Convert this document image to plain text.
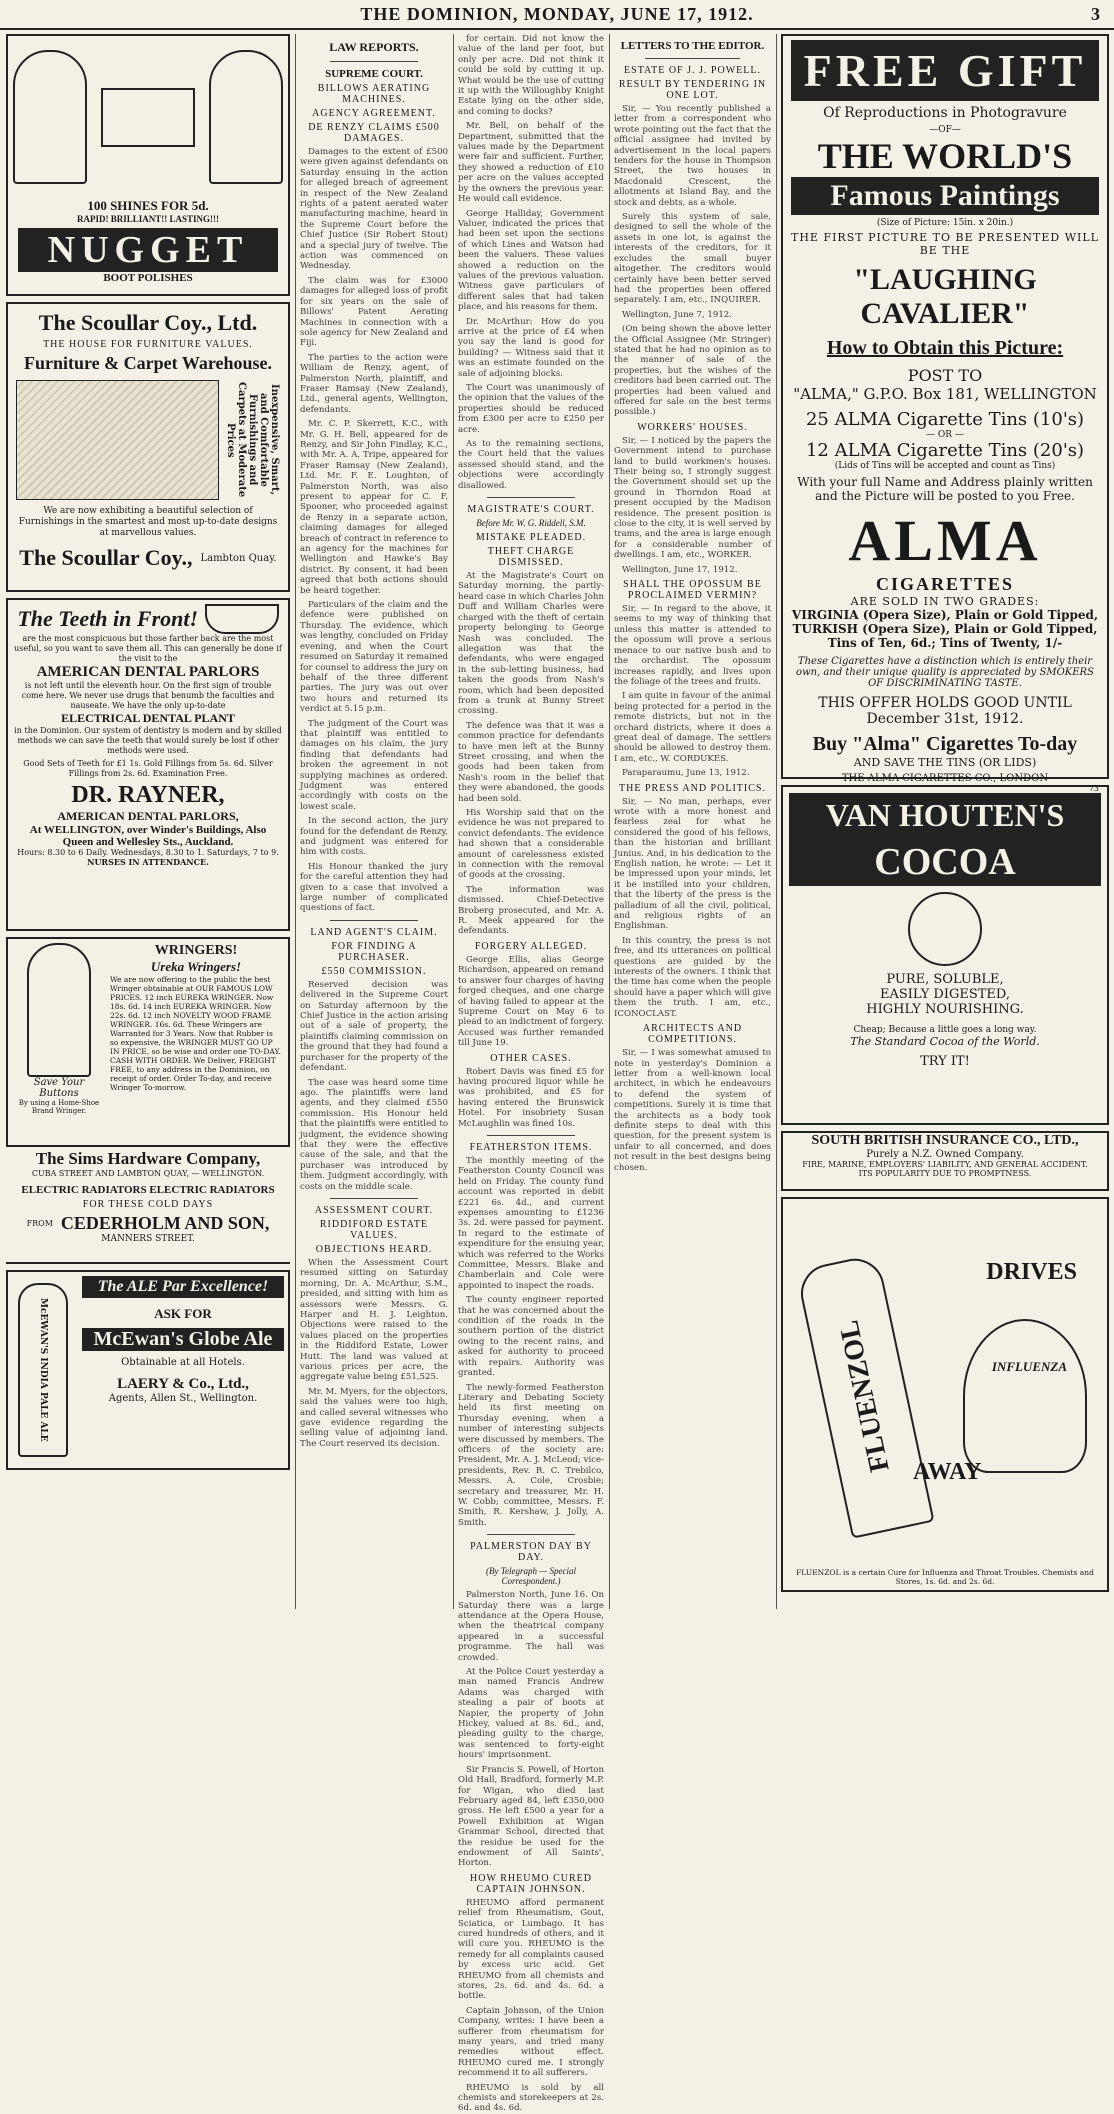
THE DOMINION, MONDAY, JUNE 17, 1912.	3
100 SHINES FOR 5d.
RAPID! BRILLIANT!! LASTING!!!
NUGGET
BOOT POLISHES
The Scoullar Coy., Ltd.
THE HOUSE FOR FURNITURE VALUES.
Furniture & Carpet Warehouse.
Inexpensive, Smart, and Comfortable Furnishings and Carpets at Moderate Prices
We are now exhibiting a beautiful selection of Furnishings in the smartest and most up-to-date designs at marvellous values.
The Scoullar Coy., Lambton Quay.
The Teeth in Front!
are the most conspicuous but those farther back are the most useful, so you want to save them all. This can generally be done if the visit to the
AMERICAN DENTAL PARLORS
is not left until the eleventh hour. On the first sign of trouble come here. We never use drugs that benumb the faculties and nauseate. We have the only up-to-date
ELECTRICAL DENTAL PLANT
in the Dominion. Our system of dentistry is modern and by skilled methods we can save the teeth that would surely be lost if other methods were used.
Good Sets of Teeth for £1 1s. Gold Fillings from 5s. 6d. Silver Fillings from 2s. 6d. Examination Free.
DR. RAYNER,
AMERICAN DENTAL PARLORS,
At WELLINGTON, over Winder's Buildings, Also Queen and Wellesley Sts., Auckland.
Hours: 8.30 to 6 Daily. Wednesdays, 8.30 to 1. Saturdays, 7 to 9.
NURSES IN ATTENDANCE.
Save Your Buttons
By using a Home-Shoe Brand Wringer.
WRINGERS!
Ureka Wringers!
We are now offering to the public the best Wringer obtainable at OUR FAMOUS LOW PRICES. 12 inch EUREKA WRINGER. Now 18s. 6d. 14 inch EUREKA WRINGER. Now 22s. 6d. 12 inch NOVELTY WOOD FRAME WRINGER. 16s. 6d. These Wringers are Warranted for 3 Years. Now that Rubber is so expensive, the WRINGER MUST GO UP IN PRICE, so be wise and order one TO-DAY. CASH WITH ORDER. We Deliver, FREIGHT FREE, to any address in the Dominion, on receipt of order. Order To-day, and receive Wringer To-morrow.
The Sims Hardware Company,
CUBA STREET AND LAMBTON QUAY, — WELLINGTON.
ELECTRIC RADIATORS ELECTRIC RADIATORS
FOR THESE COLD DAYS
FROM CEDERHOLM AND SON,
MANNERS STREET.
McEWAN'S INDIA PALE ALE
The ALE Par Excellence!
ASK FOR
McEwan's Globe Ale
Obtainable at all Hotels.
LAERY & Co., Ltd.,
Agents, Allen St., Wellington.
LAW REPORTS.
SUPREME COURT.
BILLOWS AERATING MACHINES.
AGENCY AGREEMENT.
DE RENZY CLAIMS £500 DAMAGES.

Damages to the extent of £500 were given against defendants on Saturday ensuing in the action for alleged breach of agreement in respect of the New Zealand rights of a patent aerated water manufacturing machine, heard in the Supreme Court before the Chief Justice (Sir Robert Stout) and a special jury of twelve. The action was commenced on Wednesday.

The claim was for £3000 damages for alleged loss of profit for six years on the sale of Billows' Patent Aerating Machines in connection with a sole agency for New Zealand and Fiji.

The parties to the action were William de Renzy, agent, of Palmerston North, plaintiff, and Fraser Ramsay (New Zealand), Ltd., general agents, Wellington, defendants.

Mr. C. P. Skerrett, K.C., with Mr. G. H. Bell, appeared for de Renzy, and Sir John Findlay, K.C., with Mr. A. A. Tripe, appeared for Fraser Ramsay (New Zealand), Ltd. Mr. F. E. Loughton, of Palmerston North, was also present to appear for C. F. Spooner, who proceeded against de Renzy in a separate action, claiming damages for alleged breach of contract in reference to an agency for the machines for Wellington and Hawke's Bay district. By consent, it had been agreed that both actions should be heard together.

Particulars of the claim and the defence were published on Thursday. The evidence, which was lengthy, concluded on Friday evening, and when the Court resumed on Saturday it remained for counsel to address the jury on behalf of the three different parties. The jury was out over two hours and returned its verdict at 5.15 p.m.

The judgment of the Court was that plaintiff was entitled to damages on his claim, the jury finding that defendants had broken the agreement in not supplying machines as ordered. Judgment was entered accordingly with costs on the lowest scale.

In the second action, the jury found for the defendant de Renzy, and judgment was entered for him with costs.

His Honour thanked the jury for the careful attention they had given to a case that involved a large number of complicated questions of fact.

LAND AGENT'S CLAIM.
FOR FINDING A PURCHASER.
£550 COMMISSION.

Reserved decision was delivered in the Supreme Court on Saturday afternoon by the Chief Justice in the action arising out of a sale of property, the plaintiffs claiming commission on the ground that they had found a purchaser for the property of the defendant.

The case was heard some time ago. The plaintiffs were land agents, and they claimed £550 commission. His Honour held that the plaintiffs were entitled to judgment, the evidence showing that they were the effective cause of the sale, and that the purchaser was introduced by them. Judgment accordingly, with costs on the middle scale.

ASSESSMENT COURT.
RIDDIFORD ESTATE VALUES.
OBJECTIONS HEARD.

When the Assessment Court resumed sitting on Saturday morning, Dr. A. McArthur, S.M., presided, and sitting with him as assessors were Messrs. G. Harper and H. J. Leighton. Objections were raised to the values placed on the properties in the Riddiford Estate, Lower Hutt. The land was valued at various prices per acre, the aggregate value being £51,525.

Mr. M. Myers, for the objectors, said the values were too high, and called several witnesses who gave evidence regarding the selling value of adjoining land. The Court reserved its decision.

for certain. Did not know the value of the land per foot, but only per acre. Did not think it could be sold by cutting it up. What would be the use of cutting it up with the Willoughby Knight Estate lying on the other side, and coming to docks?

Mr. Bell, on behalf of the Department, submitted that the values made by the Department were fair and sufficient. Further, they showed a reduction of £10 per acre on the values accepted by the owners the previous year. He would call evidence.

George Halliday, Government Valuer, indicated the prices that had been set upon the sections of which Lines and Watson had been the valuers. These values showed a reduction on the values of the previous valuation. Witness gave particulars of different sales that had taken place, and his reasons for them.

Dr. McArthur: How do you arrive at the price of £4 when you say the land is good for building? — Witness said that it was an estimate founded on the sale of adjoining blocks.

The Court was unanimously of the opinion that the values of the properties should be reduced from £300 per acre to £250 per acre.

As to the remaining sections, the Court held that the values assessed should stand, and the objections were accordingly disallowed.

MAGISTRATE'S COURT.
Before Mr. W. G. Riddell, S.M.
MISTAKE PLEADED.
THEFT CHARGE DISMISSED.

At the Magistrate's Court on Saturday morning, the partly-heard case in which Charles John Duff and William Charles were charged with the theft of certain property belonging to George Nash was concluded. The allegation was that the defendants, who were engaged in the sub-letting business, had taken the goods from Nash's room, which had been deposited from a trunk at Bunny Street crossing.

The defence was that it was a common practice for defendants to have men left at the Bunny Street crossing, and when the goods had been taken from Nash's room in the belief that they were abandoned, the goods had been sold.

His Worship said that on the evidence he was not prepared to convict defendants. The evidence had shown that a considerable amount of carelessness existed in connection with the removal of goods at the crossing.

The information was dismissed. Chief-Detective Broberg prosecuted, and Mr. A. R. Meek appeared for the defendants.

FORGERY ALLEGED.

George Ellis, alias George Richardson, appeared on remand to answer four charges of having forged cheques, and one charge of having failed to appear at the Supreme Court on May 6 to plead to an indictment of forgery. Accused was further remanded till June 19.

OTHER CASES.

Robert Davis was fined £5 for having procured liquor while he was prohibited, and £5 for having entered the Brunswick Hotel. For insobriety Susan McLaughlin was fined 10s.

FEATHERSTON ITEMS.

The monthly meeting of the Featherston County Council was held on Friday. The county fund account was reported in debit £221 6s. 4d., and current expenses amounting to £1236 3s. 2d. were passed for payment. In regard to the estimate of expenditure for the ensuing year, which was referred to the Works Committee, Messrs. Blake and Chamberlain and Cole were appointed to inspect the roads.

The county engineer reported that he was concerned about the condition of the roads in the southern portion of the district owing to the recent rains, and asked for authority to proceed with repairs. Authority was granted.

The newly-formed Featherston Literary and Debating Society held its first meeting on Thursday evening, when a number of interesting subjects were discussed by members. The officers of the society are: President, Mr. A. J. McLeod; vice-presidents, Rev. R. C. Trebilco, Messrs. A. Cole, Crosbie; secretary and treasurer, Mr. H. W. Cobb; committee, Messrs. F. Smith, R. Kershaw, J. Jolly, A. Smith.

PALMERSTON DAY BY DAY.
(By Telegraph — Special Correspondent.)

Palmerston North, June 16. On Saturday there was a large attendance at the Opera House, when the theatrical company appeared in a successful programme. The hall was crowded.

At the Police Court yesterday a man named Francis Andrew Adams was charged with stealing a pair of boots at Napier, the property of John Hickey, valued at 8s. 6d., and, pleading guilty to the charge, was sentenced to forty-eight hours' imprisonment.

Sir Francis S. Powell, of Horton Old Hall, Bradford, formerly M.P. for Wigan, who died last February aged 84, left £350,000 gross. He left £500 a year for a Powell Exhibition at Wigan Grammar School, directed that the residue be used for the endowment of All Saints', Horton.

HOW RHEUMO CURED CAPTAIN JOHNSON.

RHEUMO afford permanent relief from Rheumatism, Gout, Sciatica, or Lumbago. It has cured hundreds of others, and it will cure you. RHEUMO is the remedy for all complaints caused by excess uric acid. Get RHEUMO from all chemists and stores, 2s. 6d. and 4s. 6d. a bottle.

Captain Johnson, of the Union Company, writes: I have been a sufferer from rheumatism for many years, and tried many remedies without effect. RHEUMO cured me. I strongly recommend it to all sufferers.

RHEUMO is sold by all chemists and storekeepers at 2s. 6d. and 4s. 6d.

LETTERS TO THE EDITOR.
ESTATE OF J. J. POWELL.
RESULT BY TENDERING IN ONE LOT.

Sir, — You recently published a letter from a correspondent who wrote pointing out the fact that the official assignee had invited by advertisement in the local papers tenders for the house in Thompson Street, the two houses in Macdonald Crescent, the allotments at Island Bay, and the stock and debts, as a whole.

Surely this system of sale, designed to sell the whole of the assets in one lot, is against the interests of the creditors, for it excludes the small buyer altogether. The creditors would certainly have been better served had the properties been offered separately. I am, etc., INQUIRER.

Wellington, June 7, 1912.

(On being shown the above letter the Official Assignee (Mr. Stringer) stated that he had no opinion as to the manner of sale of the properties, but the wishes of the creditors had been carried out. The properties had been valued and offered for sale on the best terms possible.)

WORKERS' HOUSES.

Sir, — I noticed by the papers the Government intend to purchase land to build workmen's houses. Their being so, I strongly suggest the Government should set up the ground in Thorndon Road at present occupied by the Madison residence. The present position is close to the city, it is well served by trams, and the area is large enough for a considerable number of dwellings. I am, etc., WORKER.

Wellington, June 17, 1912.

SHALL THE OPOSSUM BE PROCLAIMED VERMIN?

Sir, — In regard to the above, it seems to my way of thinking that unless this matter is attended to the opossum will prove a serious menace to our native bush and to the orchardist. The opossum increases rapidly, and lives upon the foliage of the trees and fruits.

I am quite in favour of the animal being protected for a period in the remote districts, but not in the orchard districts, where it does a great deal of damage. The settlers should be allowed to destroy them. I am, etc., W. CORDUKES.

Paraparaumu, June 13, 1912.

THE PRESS AND POLITICS.

Sir, — No man, perhaps, ever wrote with a more honest and fearless zeal for what he considered the good of his fellows, than the historian and brilliant Junius. And, in his dedication to the English nation, he wrote: — Let it be impressed upon your minds, let it be instilled into your children, that the liberty of the press is the palladium of all the civil, political, and religious rights of an Englishman.

In this country, the press is not free, and its utterances on political questions are guided by the interests of the owners. I think that the time has come when the people should have a paper which will give them the truth. I am, etc., ICONOCLAST.

ARCHITECTS AND COMPETITIONS.

Sir, — I was somewhat amused to note in yesterday's Dominion a letter from a well-known local architect, in which he endeavours to defend the system of competitions. Surely it is time that the architects as a body took definite steps to deal with this question, for the present system is unfair to all concerned, and does not result in the best designs being chosen.

FREE GIFT
Of Reproductions in Photogravure
—OF—
THE WORLD'S
Famous Paintings
(Size of Picture: 15in. x 20in.)
THE FIRST PICTURE TO BE PRESENTED WILL BE THE
"LAUGHING CAVALIER"
How to Obtain this Picture:
POST TO
"ALMA," G.P.O. Box 181, WELLINGTON
25 ALMA Cigarette Tins (10's)
— OR —
12 ALMA Cigarette Tins (20's)
(Lids of Tins will be accepted and count as Tins)
With your full Name and Address plainly written and the Picture will be posted to you Free.
ALMA
CIGARETTES
ARE SOLD IN TWO GRADES:
VIRGINIA (Opera Size), Plain or Gold Tipped,
TURKISH (Opera Size), Plain or Gold Tipped,
Tins of Ten, 6d.; Tins of Twenty, 1/-
These Cigarettes have a distinction which is entirely their own, and their unique quality is appreciated by SMOKERS OF DISCRIMINATING TASTE.
THIS OFFER HOLDS GOOD UNTIL December 31st, 1912.
Buy "Alma" Cigarettes To-day
AND SAVE THE TINS (OR LIDS)
THE ALMA CIGARETTES CO., LONDON
73
VAN HOUTEN'S
COCOA
PURE, SOLUBLE,
EASILY DIGESTED,
HIGHLY NOURISHING.
Cheap; Because a little goes a long way.
The Standard Cocoa of the World.
TRY IT!
SOUTH BRITISH INSURANCE CO., LTD.,
Purely a N.Z. Owned Company.
FIRE, MARINE, EMPLOYERS' LIABILITY, AND GENERAL ACCIDENT.
ITS POPULARITY DUE TO PROMPTNESS.
FLUENZOL
DRIVES
INFLUENZA
AWAY
FLUENZOL is a certain Cure for Influenza and Throat Troubles. Chemists and Stores, 1s. 6d. and 2s. 6d.
